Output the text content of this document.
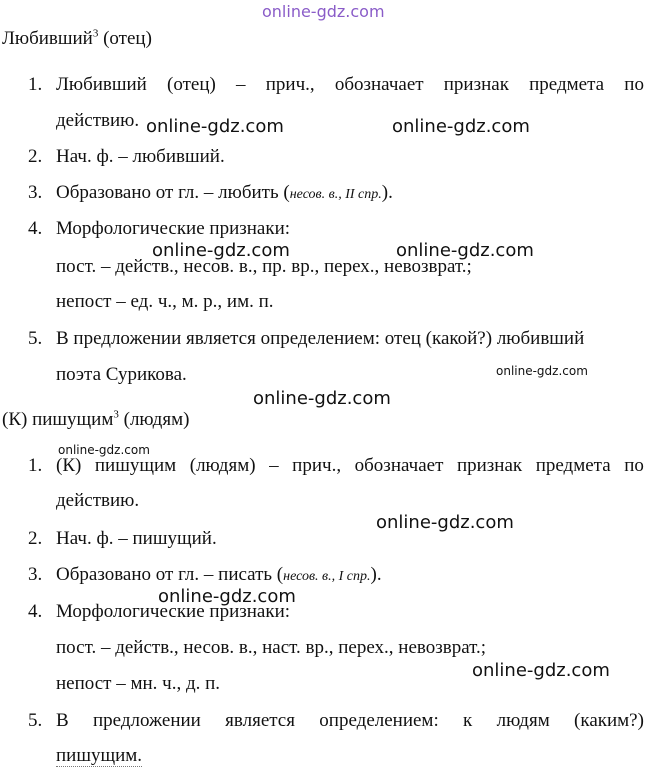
online-gdz.com
Любивший$^3$ (отец)
1. Любивший (отец) – прич., обозначает признак предмета по
действию.
2. Нач. ф. – любивший.
3. Образовано от гл. – любить (несов. в., II спр.).
4. Морфологические признаки:
пост. – действ., несов. в., пр. вр., перех., невозврат.;
непост – ед. ч., м. р., им. п.
5. В предложении является определением: отец (какой?) любивший
поэта Сурикова.
(К) пишущим$^3$ (людям)
1. (К) пишущим (людям) – прич., обозначает признак предмета по
действию.
2. Нач. ф. – пишущий.
3. Образовано от гл. – писать (несов. в., I спр.).
4. Морфологические признаки:
пост. – действ., несов. в., наст. вр., перех., невозврат.;
непост – мн. ч., д. п.
5. В предложении является определением: к людям (каким?)
пишущим.
online-gdz.com	online-gdz.com
online-gdz.com	online-gdz.com
online-gdz.com
online-gdz.com
online-gdz.com
online-gdz.com
online-gdz.com
online-gdz.com
